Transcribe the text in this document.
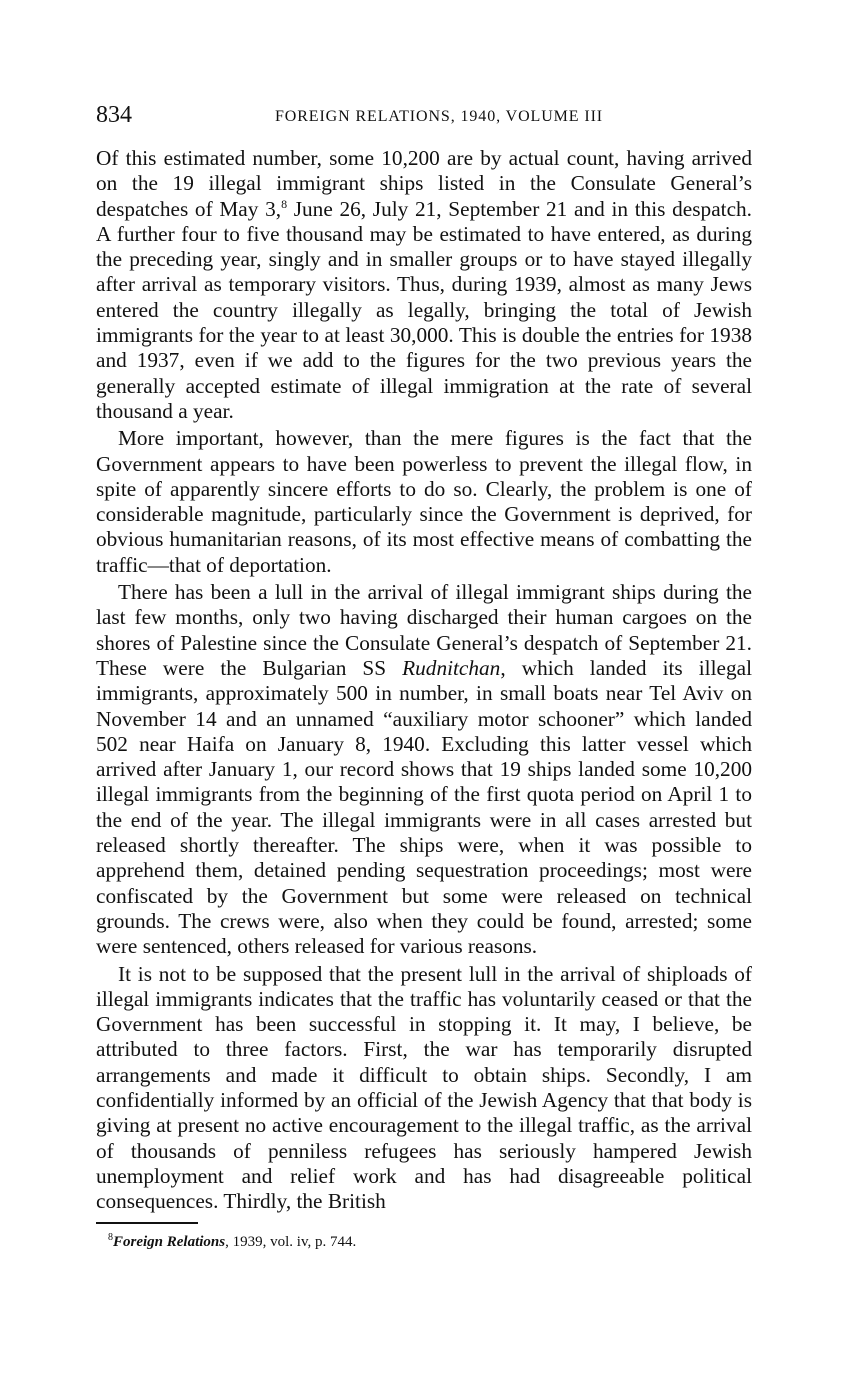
834	FOREIGN RELATIONS, 1940, VOLUME III

Of this estimated number, some 10,200 are by actual count, having arrived on the 19 illegal immigrant ships listed in the Consulate General’s despatches of May 3,$^8$ June 26, July 21, September 21 and in this despatch. A further four to five thousand may be estimated to have entered, as during the preceding year, singly and in smaller groups or to have stayed illegally after arrival as temporary visitors. Thus, during 1939, almost as many Jews entered the country illegally as legally, bringing the total of Jewish immigrants for the year to at least 30,000. This is double the entries for 1938 and 1937, even if we add to the figures for the two previous years the generally accepted estimate of illegal immigration at the rate of several thousand a year.

More important, however, than the mere figures is the fact that the Government appears to have been powerless to prevent the illegal flow, in spite of apparently sincere efforts to do so. Clearly, the problem is one of considerable magnitude, particularly since the Government is deprived, for obvious humanitarian reasons, of its most effective means of combatting the traffic—that of deportation.

There has been a lull in the arrival of illegal immigrant ships during the last few months, only two having discharged their human cargoes on the shores of Palestine since the Consulate General’s despatch of September 21. These were the Bulgarian SS Rudnitchan, which landed its illegal immigrants, approximately 500 in number, in small boats near Tel Aviv on November 14 and an unnamed “auxiliary motor schooner” which landed 502 near Haifa on January 8, 1940. Excluding this latter vessel which arrived after January 1, our record shows that 19 ships landed some 10,200 illegal immigrants from the beginning of the first quota period on April 1 to the end of the year. The illegal immigrants were in all cases arrested but released shortly thereafter. The ships were, when it was possible to apprehend them, detained pending sequestration proceedings; most were confiscated by the Government but some were released on technical grounds. The crews were, also when they could be found, arrested; some were sentenced, others released for various reasons.

It is not to be supposed that the present lull in the arrival of shiploads of illegal immigrants indicates that the traffic has voluntarily ceased or that the Government has been successful in stopping it. It may, I believe, be attributed to three factors. First, the war has temporarily disrupted arrangements and made it difficult to obtain ships. Secondly, I am confidentially informed by an official of the Jewish Agency that that body is giving at present no active encouragement to the illegal traffic, as the arrival of thousands of penniless refugees has seriously hampered Jewish unemployment and relief work and has had disagreeable political consequences. Thirdly, the British

$^8$Foreign Relations, 1939, vol. iv, p. 744.
